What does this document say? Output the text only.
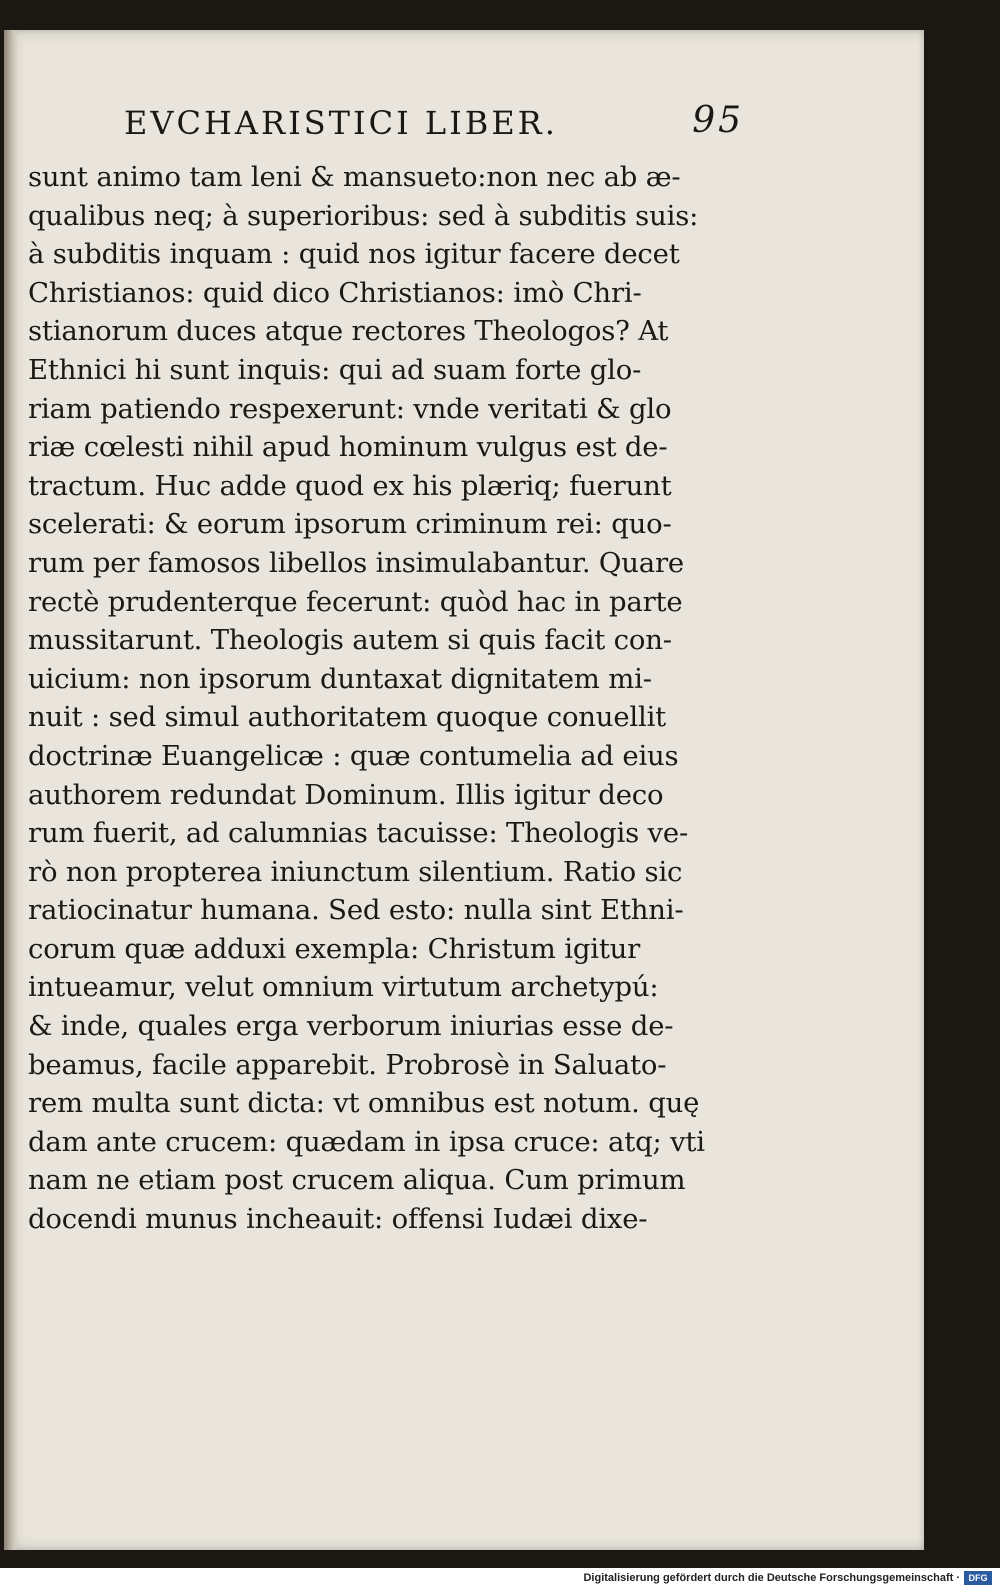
EVCHARISTICI LIBER.	95
sunt animo tam leni & mansueto:non nec ab æ-
qualibus neq; à superioribus: sed à subditis suis:
à subditis inquam : quid nos igitur facere decet
Christianos: quid dico Christianos: imò Chri-
stianorum duces atque rectores Theologos? At
Ethnici hi sunt inquis: qui ad suam forte glo-
riam patiendo respexerunt: vnde veritati & glo
riæ cœlesti nihil apud hominum vulgus est de-
tractum. Huc adde quod ex his plæriq; fuerunt
scelerati: & eorum ipsorum criminum rei: quo-
rum per famosos libellos insimulabantur. Quare
rectè prudenterque fecerunt: quòd hac in parte
mussitarunt. Theologis autem si quis facit con-
uicium: non ipsorum duntaxat dignitatem mi-
nuit : sed simul authoritatem quoque conuellit
doctrinæ Euangelicæ : quæ contumelia ad eius
authorem redundat Dominum. Illis igitur deco
rum fuerit, ad calumnias tacuisse: Theologis ve-
rò non propterea iniunctum silentium. Ratio sic
ratiocinatur humana. Sed esto: nulla sint Ethni-
corum quæ adduxi exempla: Christum igitur
intueamur, velut omnium virtutum archetypú:
& inde, quales erga verborum iniurias esse de-
beamus, facile apparebit. Probrosè in Saluato-
rem multa sunt dicta: vt omnibus est notum. quę
dam ante crucem: quædam in ipsa cruce: atq; vti
nam ne etiam post crucem aliqua. Cum primum
docendi munus incheauit: offensi Iudæi dixe-
Digitalisierung gefördert durch die Deutsche Forschungsgemeinschaft · DFG
